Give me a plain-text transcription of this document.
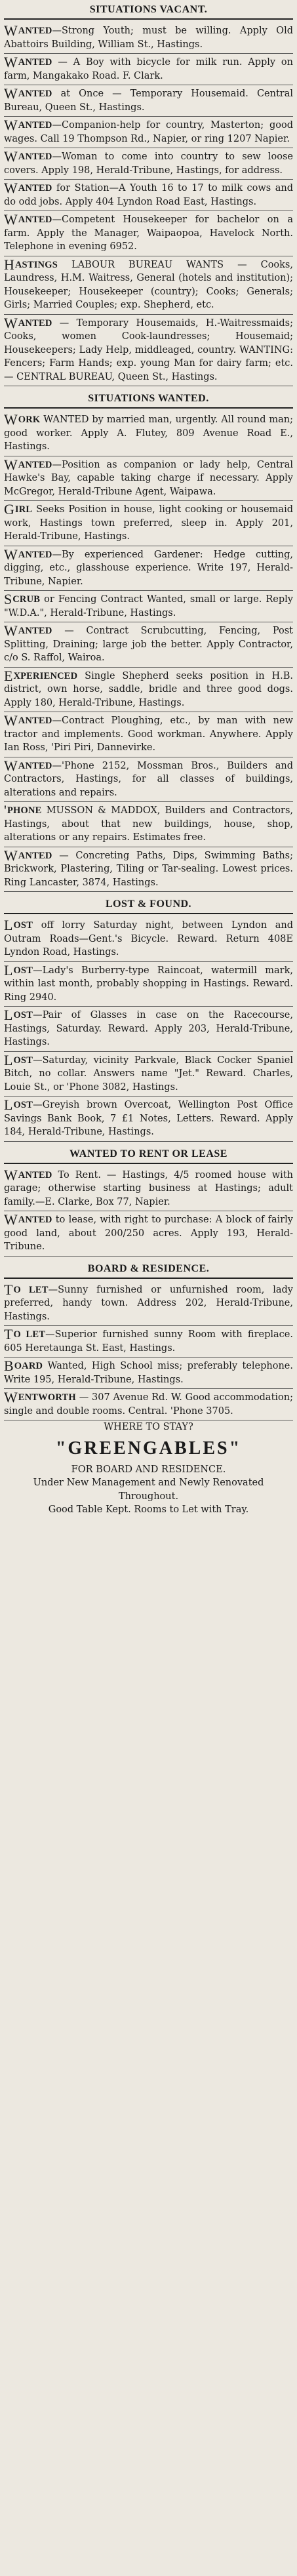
SITUATIONS VACANT.
WANTED—Strong Youth; must be willing. Apply Old Abattoirs Building, William St., Hastings.
WANTED — A Boy with bicycle for milk run. Apply on farm, Mangakako Road. F. Clark.
WANTED at Once — Temporary Housemaid. Central Bureau, Queen St., Hastings.
WANTED—Companion-help for country, Masterton; good wages. Call 19 Thompson Rd., Napier, or ring 1207 Napier.
WANTED—Woman to come into country to sew loose covers. Apply 198, Herald-Tribune, Hastings, for address.
WANTED for Station—A Youth 16 to 17 to milk cows and do odd jobs. Apply 404 Lyndon Road East, Hastings.
WANTED—Competent Housekeeper for bachelor on a farm. Apply the Manager, Waipaopoa, Havelock North. Telephone in evening 6952.
HASTINGS LABOUR BUREAU WANTS — Cooks, Laundress, H.M. Waitress, General (hotels and institution); Housekeeper; Housekeeper (country); Cooks; Generals; Girls; Married Couples; exp. Shepherd, etc.
WANTED — Temporary Housemaids, H.-Waitressmaids; Cooks, women Cook-laundresses; Housemaid; Housekeepers; Lady Help, middleaged, country. WANTING: Fencers; Farm Hands; exp. young Man for dairy farm; etc. — CENTRAL BUREAU, Queen St., Hastings.
SITUATIONS WANTED.
WORK WANTED by married man, urgently. All round man; good worker. Apply A. Flutey, 809 Avenue Road E., Hastings.
WANTED—Position as companion or lady help, Central Hawke's Bay, capable taking charge if necessary. Apply McGregor, Herald-Tribune Agent, Waipawa.
GIRL Seeks Position in house, light cooking or housemaid work, Hastings town preferred, sleep in. Apply 201, Herald-Tribune, Hastings.
WANTED—By experienced Gardener: Hedge cutting, digging, etc., glasshouse experience. Write 197, Herald-Tribune, Napier.
SCRUB or Fencing Contract Wanted, small or large. Reply "W.D.A.", Herald-Tribune, Hastings.
WANTED — Contract Scrubcutting, Fencing, Post Splitting, Draining; large job the better. Apply Contractor, c/o S. Raffol, Wairoa.
EXPERIENCED Single Shepherd seeks position in H.B. district, own horse, saddle, bridle and three good dogs. Apply 180, Herald-Tribune, Hastings.
WANTED—Contract Ploughing, etc., by man with new tractor and implements. Good workman. Anywhere. Apply Ian Ross, 'Piri Piri, Dannevirke.
WANTED—'Phone 2152, Mossman Bros., Builders and Contractors, Hastings, for all classes of buildings, alterations and repairs.
' PHONE MUSSON & MADDOX, Builders and Contractors, Hastings, about that new buildings, house, shop, alterations or any repairs. Estimates free.
WANTED — Concreting Paths, Dips, Swimming Baths; Brickwork, Plastering, Tiling or Tar-sealing. Lowest prices. Ring Lancaster, 3874, Hastings.
LOST & FOUND.
LOST off lorry Saturday night, between Lyndon and Outram Roads—Gent.'s Bicycle. Reward. Return 408E Lyndon Road, Hastings.
LOST—Lady's Burberry-type Raincoat, watermill mark, within last month, probably shopping in Hastings. Reward. Ring 2940.
LOST—Pair of Glasses in case on the Racecourse, Hastings, Saturday. Reward. Apply 203, Herald-Tribune, Hastings.
LOST—Saturday, vicinity Parkvale, Black Cocker Spaniel Bitch, no collar. Answers name "Jet." Reward. Charles, Louie St., or 'Phone 3082, Hastings.
LOST—Greyish brown Overcoat, Wellington Post Office Savings Bank Book, 7 £1 Notes, Letters. Reward. Apply 184, Herald-Tribune, Hastings.
WANTED TO RENT OR LEASE
WANTED To Rent. — Hastings, 4/5 roomed house with garage; otherwise starting business at Hastings; adult family.—E. Clarke, Box 77, Napier.
WANTED to lease, with right to purchase: A block of fairly good land, about 200/250 acres. Apply 193, Herald-Tribune.
BOARD & RESIDENCE.
T O LET—Sunny furnished or unfurnished room, lady preferred, handy town. Address 202, Herald-Tribune, Hastings.
T O LET—Superior furnished sunny Room with fireplace. 605 Heretaunga St. East, Hastings.
BOARD Wanted, High School miss; preferably telephone. Write 195, Herald-Tribune, Hastings.
WENTWORTH — 307 Avenue Rd. W. Good accommodation; single and double rooms. Central. 'Phone 3705.
WHERE TO STAY?
"GREENGABLES"
FOR BOARD AND RESIDENCE.
Under New Management and Newly Renovated Throughout.
Good Table Kept. Rooms to Let with Tray.
